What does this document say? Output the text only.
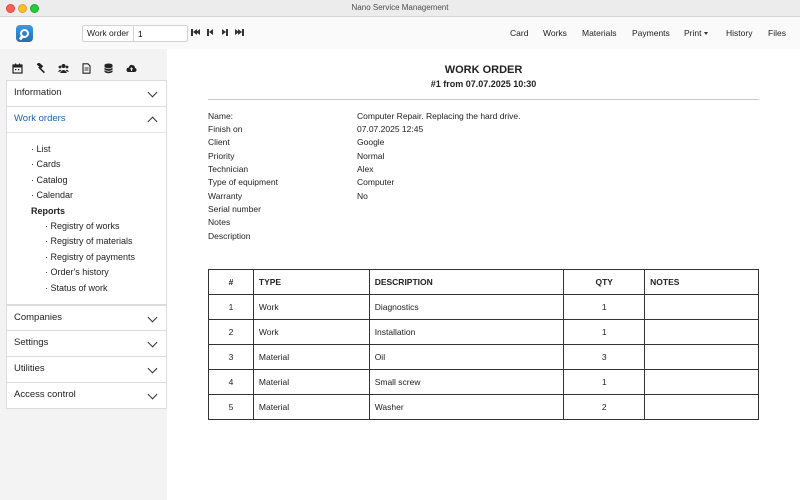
Nano Service Management
Work order
1	Card Works Materials Payments Print	History Files
Information
Work orders
· List
· Cards
· Catalog
· Calendar
Reports
· Registry of works
· Registry of materials
· Registry of payments
· Order's history
· Status of work
Companies
Settings
Utilities
Access control
WORK ORDER
#1 from 07.07.2025 10:30
Name:	Computer Repair. Replacing the hard drive.
Finish on	07.07.2025 12:45
Client	Google
Priority	Normal
Technician	Alex
Type of equipment	Computer
Warranty	No
Serial number
Notes
Description
#	TYPE	DESCRIPTION	QTY	NOTES
1	Work	Diagnostics	1	
2	Work	Installation	1	
3	Material	Oil	3	
4	Material	Small screw	1	
5	Material	Washer	2	
